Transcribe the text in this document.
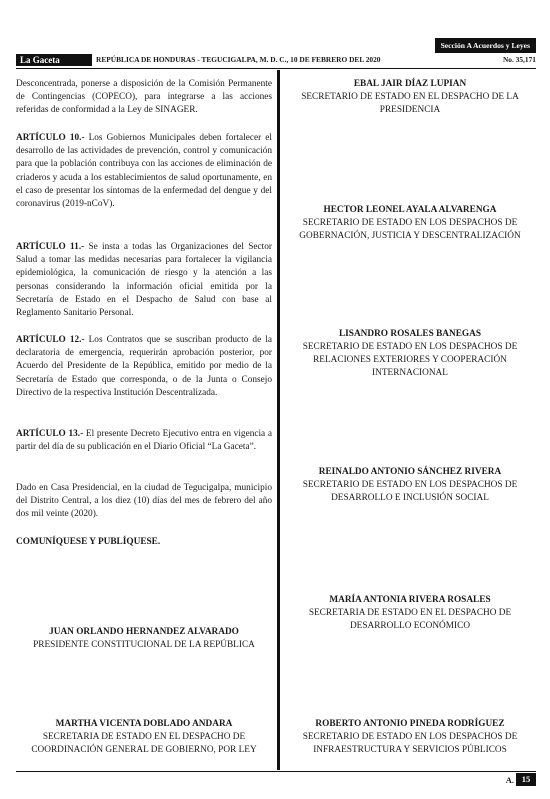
Sección A Acuerdos y Leyes
La Gaceta	REPÚBLICA DE HONDURAS - TEGUCIGALPA, M. D. C., 10 DE FEBRERO DEL 2020	No. 35,171

Desconcentrada, ponerse a disposición de la Comisión Permanente de Contingencias (COPECO), para integrarse a las acciones referidas de conformidad a la Ley de SINAGER.

ARTÍCULO 10.- Los Gobiernos Municipales deben fortalecer el desarrollo de las actividades de prevención, control y comunicación para que la población contribuya con las acciones de eliminación de criaderos y acuda a los establecimientos de salud oportunamente, en el caso de presentar los síntomas de la enfermedad del dengue y del coronavirus (2019-nCoV).

ARTÍCULO 11.- Se insta a todas las Organizaciones del Sector Salud a tomar las medidas necesarias para fortalecer la vigilancia epidemiológica, la comunicación de riesgo y la atención a las personas considerando la información oficial emitida por la Secretaría de Estado en el Despacho de Salud con base al Reglamento Sanitario Personal.

ARTÍCULO 12.- Los Contratos que se suscriban producto de la declaratoria de emergencia, requerirán aprobación posterior, por Acuerdo del Presidente de la República, emitido por medio de la Secretaría de Estado que corresponda, o de la Junta o Consejo Directivo de la respectiva Institución Descentralizada.

ARTÍCULO 13.- El presente Decreto Ejecutivo entra en vigencia a partir del día de su publicación en el Diario Oficial “La Gaceta”.

Dado en Casa Presidencial, en la ciudad de Tegucigalpa, municipio del Distrito Central, a los diez (10) días del mes de febrero del año dos mil veinte (2020).

COMUNÍQUESE Y PUBLÍQUESE.

JUAN ORLANDO HERNANDEZ ALVARADO
PRESIDENTE CONSTITUCIONAL DE LA REPÚBLICA
MARTHA VICENTA DOBLADO ANDARA
SECRETARIA DE ESTADO EN EL DESPACHO DE COORDINACIÓN GENERAL DE GOBIERNO, POR LEY
EBAL JAIR DÍAZ LUPIAN
SECRETARIO DE ESTADO EN EL DESPACHO DE LA PRESIDENCIA
HECTOR LEONEL AYALA ALVARENGA
SECRETARIO DE ESTADO EN LOS DESPACHOS DE GOBERNACIÓN, JUSTICIA Y DESCENTRALIZACIÓN
LISANDRO ROSALES BANEGAS
SECRETARIO DE ESTADO EN LOS DESPACHOS DE RELACIONES EXTERIORES Y COOPERACIÓN INTERNACIONAL
REINALDO ANTONIO SÁNCHEZ RIVERA
SECRETARIO DE ESTADO EN LOS DESPACHOS DE DESARROLLO E INCLUSIÓN SOCIAL
MARÍA ANTONIA RIVERA ROSALES
SECRETARIA DE ESTADO EN EL DESPACHO DE DESARROLLO ECONÓMICO
ROBERTO ANTONIO PINEDA RODRÍGUEZ
SECRETARIO DE ESTADO EN LOS DESPACHOS DE INFRAESTRUCTURA Y SERVICIOS PÚBLICOS
A. 15
